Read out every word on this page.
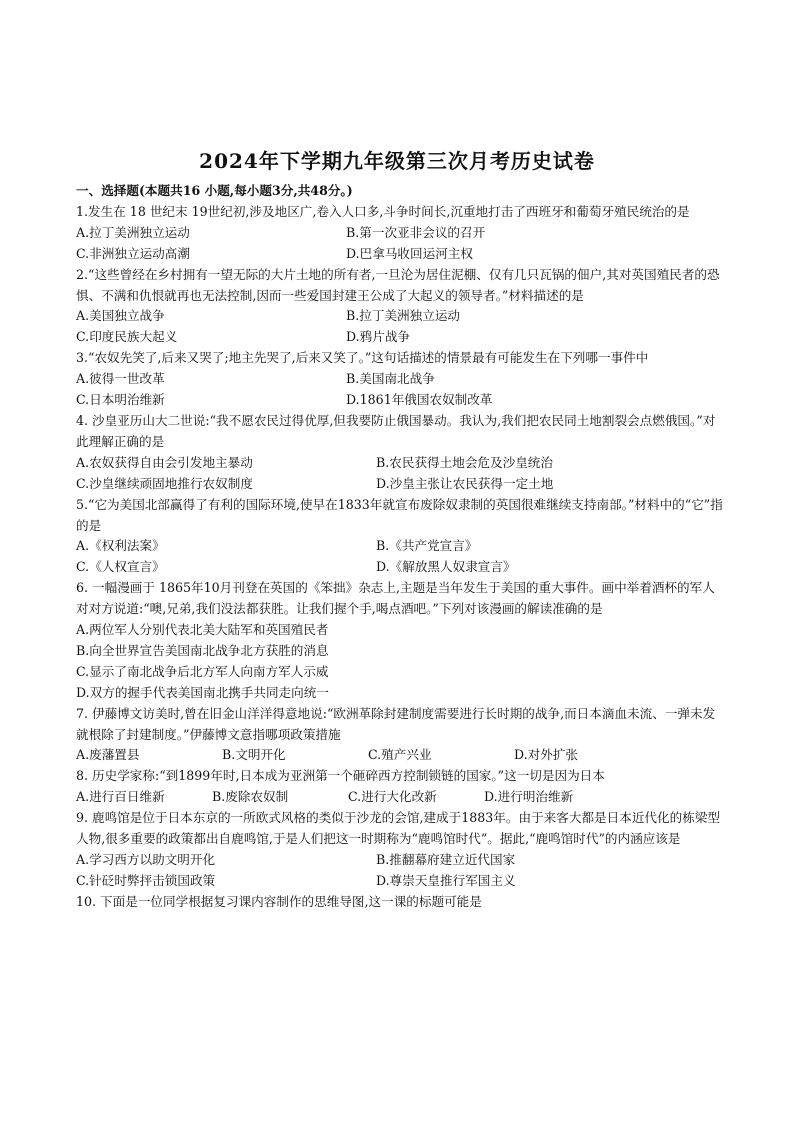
2024年下学期九年级第三次月考历史试卷
一、选择题(本题共16 小题,每小题3分,共48分。)

1.发生在 18 世纪末 19世纪初,涉及地区广,卷入人口多,斗争时间长,沉重地打击了西班牙和葡萄牙殖民统治的是

A.拉丁美洲独立运动	B.第一次亚非会议的召开
C.非洲独立运动高潮	D.巴拿马收回运河主权

2.“这些曾经在乡村拥有一望无际的大片土地的所有者,一旦沦为居住泥棚、仅有几只瓦锅的佃户,其对英国殖民者的恐惧、不满和仇恨就再也无法控制,因而一些爱国封建王公成了大起义的领导者。”材料描述的是

A.美国独立战争	B.拉丁美洲独立运动
C.印度民族大起义	D.鸦片战争

3.“农奴先笑了,后来又哭了;地主先哭了,后来又笑了。”这句话描述的情景最有可能发生在下列哪一事件中

A.彼得一世改革	B.美国南北战争
C.日本明治维新	D.1861年俄国农奴制改革

4. 沙皇亚历山大二世说:“我不愿农民过得优厚,但我要防止俄国暴动。我认为,我们把农民同土地割裂会点燃俄国。”对此理解正确的是

A.农奴获得自由会引发地主暴动	B.农民获得土地会危及沙皇统治
C.沙皇继续顽固地推行农奴制度	D.沙皇主张让农民获得一定土地

5.“它为美国北部赢得了有利的国际环境,使早在1833年就宣布废除奴隶制的英国很难继续支持南部。”材料中的“它”指的是

A.《权利法案》	B.《共产党宣言》
C.《人权宣言》	D.《解放黑人奴隶宣言》

6. 一幅漫画于 1865年10月刊登在英国的《笨拙》杂志上,主题是当年发生于美国的重大事件。画中举着酒杯的军人对对方说道:“噢,兄弟,我们没法都获胜。让我们握个手,喝点酒吧。”下列对该漫画的解读准确的是

A.两位军人分别代表北美大陆军和英国殖民者
B.向全世界宣告美国南北战争北方获胜的消息
C.显示了南北战争后北方军人向南方军人示威
D.双方的握手代表美国南北携手共同走向统一

7. 伊藤博文访美时,曾在旧金山洋洋得意地说:“欧洲革除封建制度需要进行长时期的战争,而日本滴血未流、一弹未发就根除了封建制度。”伊藤博文意指哪项政策措施

A.废藩置县	B.文明开化	C.殖产兴业	D.对外扩张

8. 历史学家称:“到1899年时,日本成为亚洲第一个砸碎西方控制锁链的国家。”这一切是因为日本

A.进行百日维新	B.废除农奴制	C.进行大化改新	D.进行明治维新

9. 鹿鸣馆是位于日本东京的一所欧式风格的类似于沙龙的会馆,建成于1883年。由于来客大都是日本近代化的栋梁型人物,很多重要的政策都出自鹿鸣馆,于是人们把这一时期称为“鹿鸣馆时代”。据此,“鹿鸣馆时代”的内涵应该是

A.学习西方以助文明开化	B.推翻幕府建立近代国家
C.针砭时弊抨击锁国政策	D.尊崇天皇推行军国主义

10. 下面是一位同学根据复习课内容制作的思维导图,这一课的标题可能是
